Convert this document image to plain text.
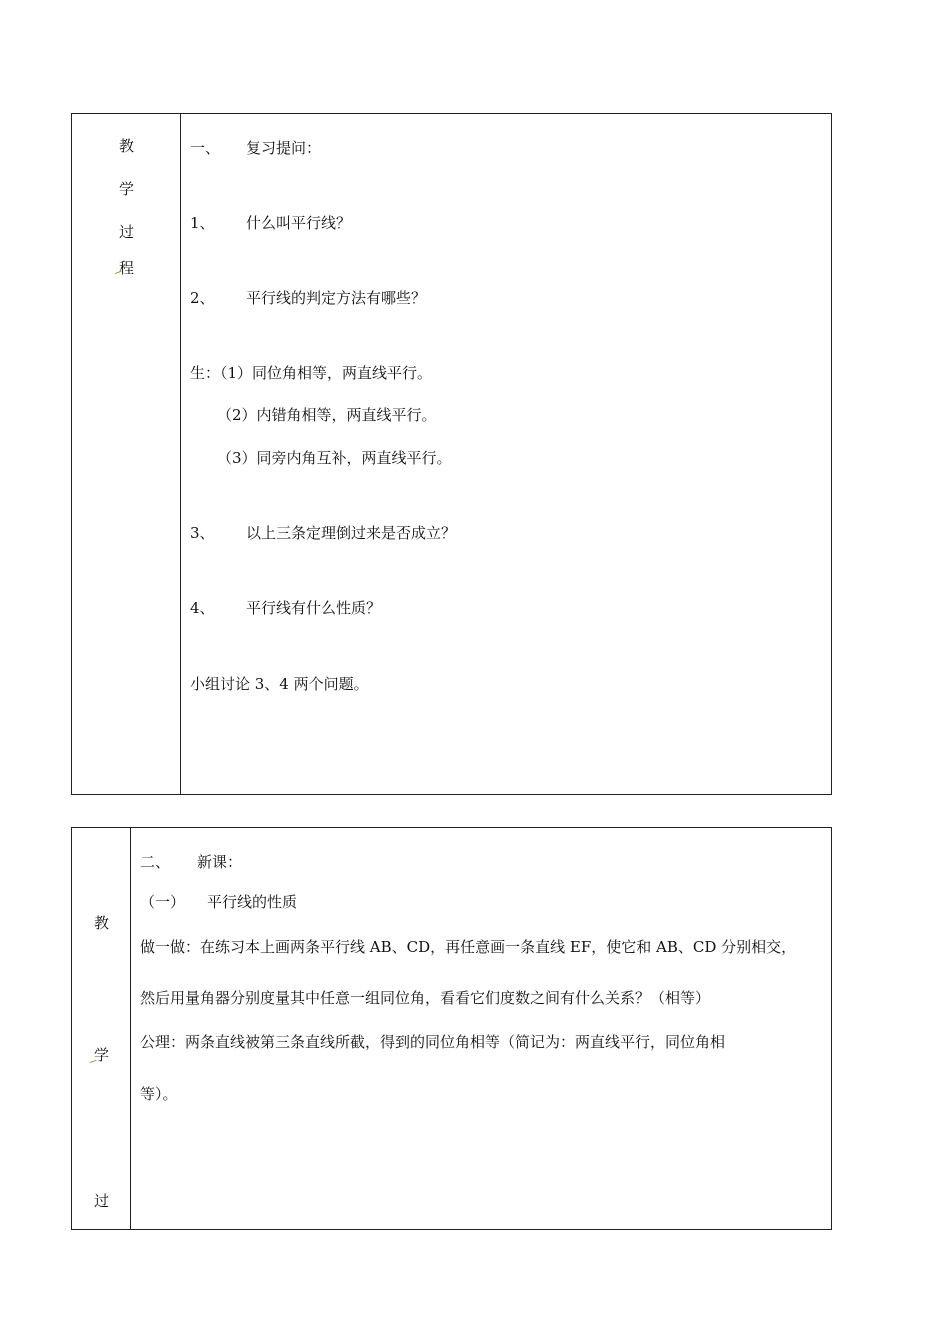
教
学
过
程
一、 复习提问：
1、 什么叫平行线？
2、 平行线的判定方法有哪些？
生：（1）同位角相等，两直线平行。
（2）内错角相等，两直线平行。
（3）同旁内角互补，两直线平行。
3、 以上三条定理倒过来是否成立？
4、 平行线有什么性质？
小组讨论 3、4 两个问题。
教
学
过
二、 新课：
（一） 平行线的性质
做一做：在练习本上画两条平行线 AB、CD，再任意画一条直线 EF，使它和 AB、CD 分别相交，
然后用量角器分别度量其中任意一组同位角，看看它们度数之间有什么关系？（相等）
公理：两条直线被第三条直线所截，得到的同位角相等（简记为：两直线平行，同位角相
等）。
